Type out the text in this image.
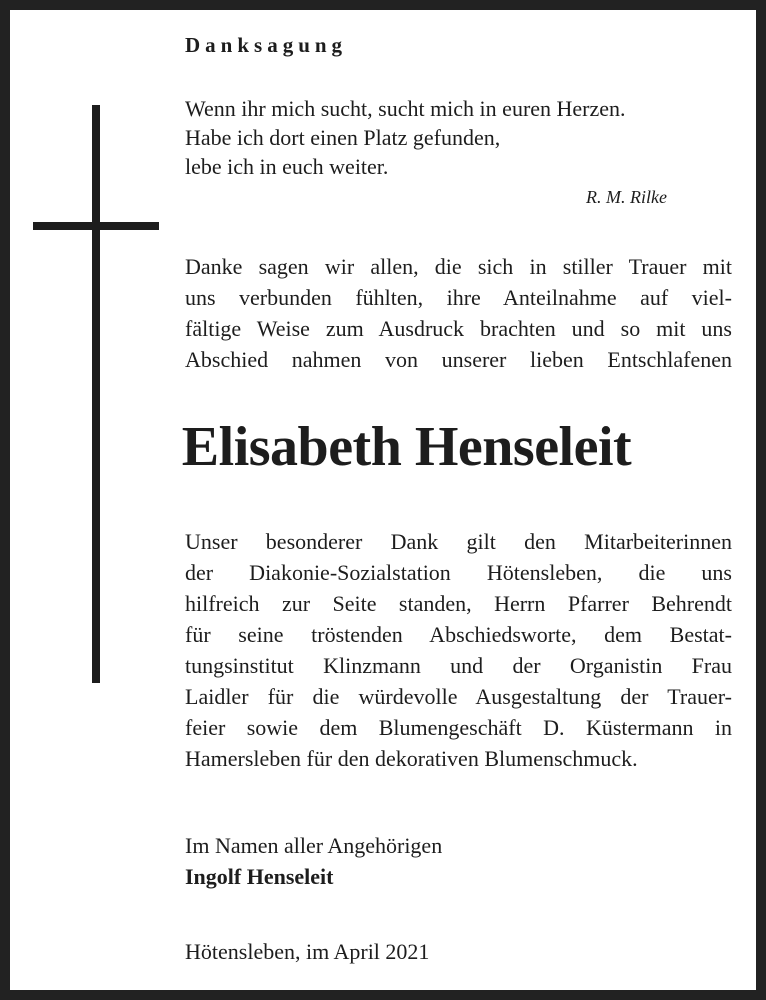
Danksagung
Wenn ihr mich sucht, sucht mich in euren Herzen.
Habe ich dort einen Platz gefunden,
lebe ich in euch weiter.
R. M. Rilke
Danke sagen wir allen, die sich in stiller Trauer mit
uns verbunden fühlten, ihre Anteilnahme auf viel-
fältige Weise zum Ausdruck brachten und so mit uns
Abschied nahmen von unserer lieben Entschlafenen
Elisabeth Henseleit
Unser besonderer Dank gilt den Mitarbeiterinnen
der Diakonie-Sozialstation Hötensleben, die uns
hilfreich zur Seite standen, Herrn Pfarrer Behrendt
für seine tröstenden Abschiedsworte, dem Bestat-
tungsinstitut Klinzmann und der Organistin Frau
Laidler für die würdevolle Ausgestaltung der Trauer-
feier sowie dem Blumengeschäft D. Küstermann in
Hamersleben für den dekorativen Blumenschmuck.
Im Namen aller Angehörigen
Ingolf Henseleit
Hötensleben, im April 2021
